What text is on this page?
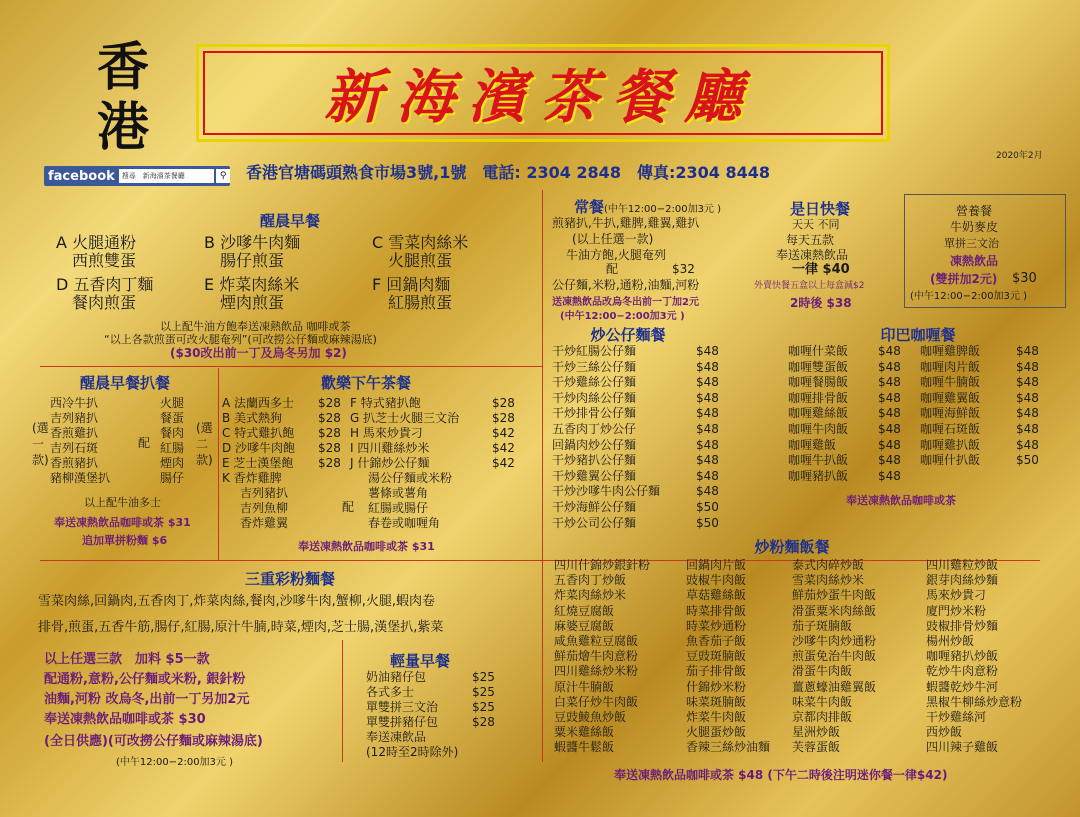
香港	新海濱茶餐廳
facebook	搜尋　新海濱茶餐廳	⚲ 香港官塘碼頭熟食市場3號,1號　電話: 2304 2848　傳真:2304 8448
2020年2月
醒晨早餐
A 火腿通粉
西煎雙蛋
B 沙嗲牛肉麵
腸仔煎蛋
C 雪菜肉絲米
火腿煎蛋
D 五香肉丁麵
餐肉煎蛋
E 炸菜肉絲米
煙肉煎蛋
F 回鍋肉麵
紅腸煎蛋
以上配牛油方飽奉送凍熱飲品 咖啡或茶
“以上各款煎蛋可改火腿奄列”(可改撈公仔麵或麻辣湯底)
($30改出前一丁及烏冬另加 $2)
醒晨早餐扒餐
西冷牛扒
吉列豬扒
香煎雞扒
吉列石斑
香煎豬扒
豬柳漢堡扒
火腿
餐蛋
餐肉
紅腸
煙肉
腸仔
(選一款)
配
(選二款)
以上配牛油多士
奉送凍熱飲品咖啡或茶 $31
追加單拼粉麵 $6
歡樂下午茶餐
A 法蘭西多士	$28
B 美式熱狗	$28
C 特式雞扒飽	$28
D 沙嗲牛肉飽	$28
E 芝士漢堡飽	$28
K 香炸雞脾
吉列豬扒
吉列魚柳
香炸雞翼
配
F 特式豬扒飽	$28
G 扒芝士火腿三文治	$28
H 馬來炒貴刁	$42
I 四川雞絲炒米	$42
J 什錦炒公仔麵	$42
湯公仔麵或米粉
薯條或薯角
紅腸或腸仔
春卷或咖喱角
奉送凍熱飲品咖啡或茶 $31
三重彩粉麵餐
雪菜肉絲,回鍋肉,五香肉丁,炸菜肉絲,餐肉,沙嗲牛肉,蟹柳,火腿,蝦肉卷
排骨,煎蛋,五香牛筋,腸仔,紅腸,原汁牛腩,時菜,煙肉,芝士腸,漢堡扒,紫菜
以上任選三款　加料 $5一款
配通粉,意粉,公仔麵或米粉, 銀針粉
油麵,河粉 改烏冬,出前一丁另加2元
奉送凍熱飲品咖啡或茶 $30
(全日供應)(可改撈公仔麵或麻辣湯底)
(中午12:00−2:00加3元 )
輕量早餐
奶油豬仔包	$25
各式多士	$25
單雙拼三文治	$25
單雙拼豬仔包	$28
奉送凍飲品
(12時至2時除外)
常餐(中午12:00−2:00加3元 )
煎豬扒,牛扒,雞脾,雞翼,雞扒
(以上任選一款)
牛油方飽,火腿奄列
配	$32
公仔麵,米粉,通粉,油麵,河粉
送凍熱飲品改烏冬出前一丁加2元
(中午12:00−2:00加3元 )
是日快餐
天天 不同
每天五款
奉送凍熱飲品
一律 $40
外賣快餐五盒以上每盒減$2
2時後 $38
營養餐
牛奶麥皮
單拼三文治
凍熱飲品
(雙拼加2元) $30
(中午12:00−2:00加3元 )
炒公仔麵餐
干炒紅腸公仔麵	$48
干炒三絲公仔麵	$48
干炒雞絲公仔麵	$48
干炒肉絲公仔麵	$48
干炒排骨公仔麵	$48
五香肉丁炒公仔	$48
回鍋肉炒公仔麵	$48
干炒豬扒公仔麵	$48
干炒雞翼公仔麵	$48
干炒沙嗲牛肉公仔麵	$48
干炒海鮮公仔麵	$50
干炒公司公仔麵	$50
印巴咖喱餐
咖喱什菜飯	$48
咖喱雙蛋飯	$48
咖喱餐腸飯	$48
咖喱排骨飯	$48
咖喱雞絲飯	$48
咖喱牛肉飯	$48
咖喱雞飯	$48
咖喱牛扒飯	$48
咖喱豬扒飯	$48
咖喱雞脾飯	$48
咖喱肉片飯	$48
咖喱牛腩飯	$48
咖喱雞翼飯	$48
咖喱海鮮飯	$48
咖喱石斑飯	$48
咖喱雞扒飯	$48
咖喱什扒飯	$50
奉送凍熱飲品咖啡或茶
炒粉麵飯餐
四川什錦炒銀針粉
五香肉丁炒飯
炸菜肉絲炒米
紅燒豆腐飯
麻婆豆腐飯
咸魚雞粒豆腐飯
鮮茄燴牛肉意粉
四川雞絲炒米粉
原汁牛腩飯
白菜仔炒牛肉飯
豆豉鯪魚炒飯
粟米雞絲飯
蝦醬牛鬆飯
回鍋肉片飯
豉椒牛肉飯
草菇雞絲飯
時菜排骨飯
時菜炒通粉
魚香茄子飯
豆豉斑腩飯
茄子排骨飯
什錦炒米粉
味菜斑腩飯
炸菜牛肉飯
火腿蛋炒飯
香辣三絲炒油麵
泰式肉碎炒飯
雪菜肉絲炒米
鮮茄炒蛋牛肉飯
滑蛋粟米肉絲飯
茄子斑腩飯
沙嗲牛肉炒通粉
煎蛋免治牛肉飯
滑蛋牛肉飯
薑蔥蠔油雞翼飯
味菜牛肉飯
京都肉排飯
星洲炒飯
芙蓉蛋飯
四川雞粒炒飯
銀芽肉絲炒麵
馬來炒貴刁
廈門炒米粉
豉椒排骨炒麵
楊州炒飯
咖喱豬扒炒飯
乾炒牛肉意粉
蝦醬乾炒牛河
黑椒牛柳絲炒意粉
干炒雞絲河
西炒飯
四川辣子雞飯
奉送凍熱飲品咖啡或茶 $48 (下午二時後注明迷你餐一律$42)
